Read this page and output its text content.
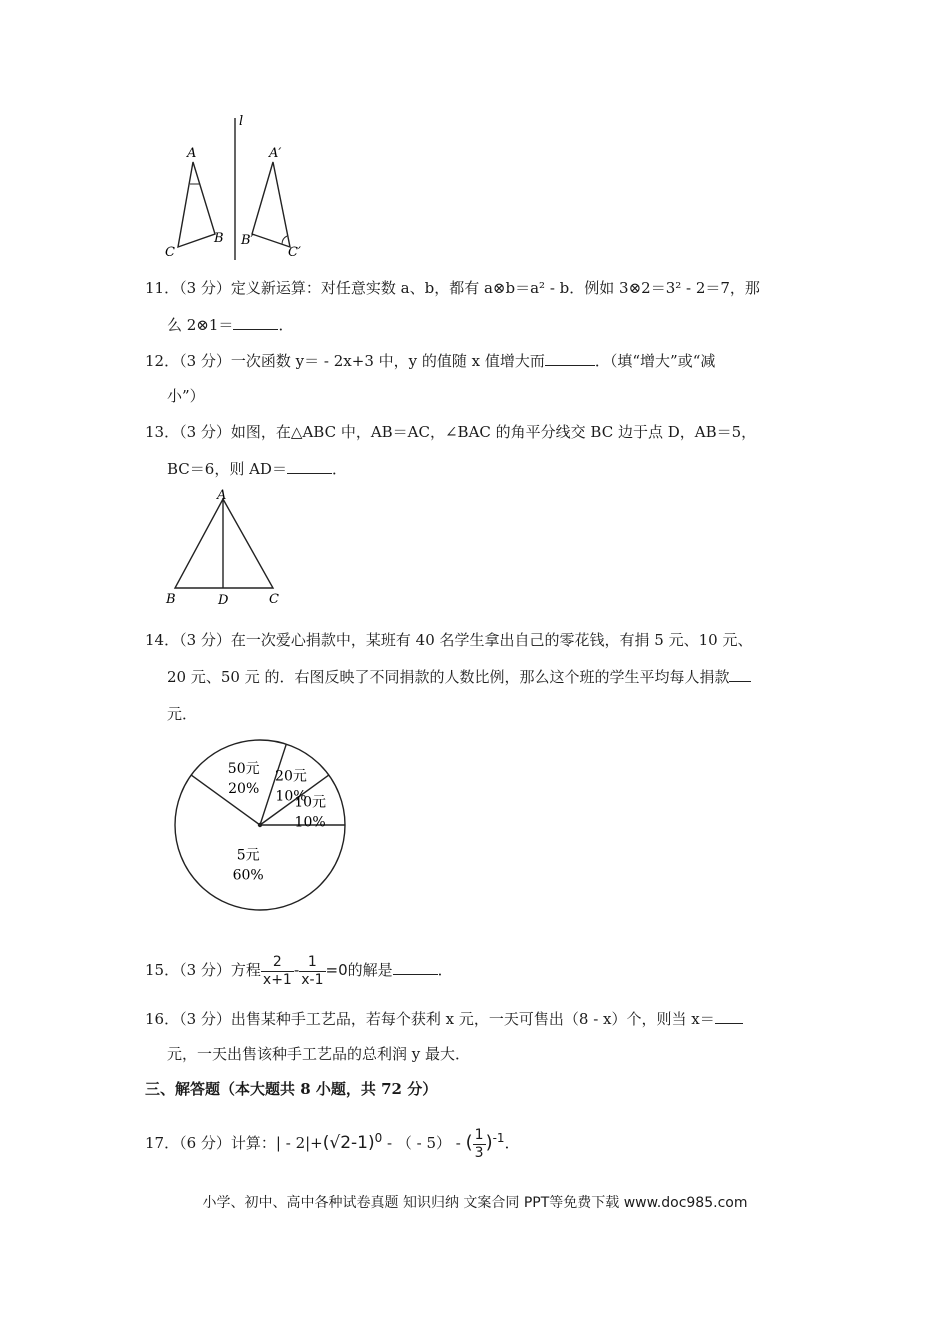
l
A
C
B
A′
B′
C′
11．（3 分）定义新运算：对任意实数 a、b，都有 a⊗b＝a² - b．例如 3⊗2＝3² - 2＝7，那
么 2⊗1＝	．
12．（3 分）一次函数 y＝ - 2x+3 中，y 的值随 x 值增大而	．（填“增大”或“减
小”）
13．（3 分）如图，在△ABC 中，AB＝AC，∠BAC 的角平分线交 BC 边于点 D，AB＝5，
BC＝6，则 AD＝	．
A
B	D	C
14．（3 分）在一次爱心捐款中，某班有 40 名学生拿出自己的零花钱，有捐 5 元、10 元、
20 元、50 元 的．右图反映了不同捐款的人数比例，那么这个班的学生平均每人捐款
元．
10元
10%
20元
10%
50元
20%
5元
60%
15．（3 分）方程 $\frac{2}{x+1} - \frac{1}{x-1} =0$的解是	．
16．（3 分）出售某种手工艺品，若每个获利 x 元，一天可售出（8 - x）个，则当 x＝
元，一天出售该种手工艺品的总利润 y 最大．
三、解答题（本大题共 8 小题，共 72 分）
17．（6 分）计算：| - $2|+(√2-1)^0$ - （ - 5） - ( $\frac{1}{3} )^{-1}$．
小学、初中、高中各种试卷真题 知识归纳 文案合同 PPT等免费下载 www.doc985.com
